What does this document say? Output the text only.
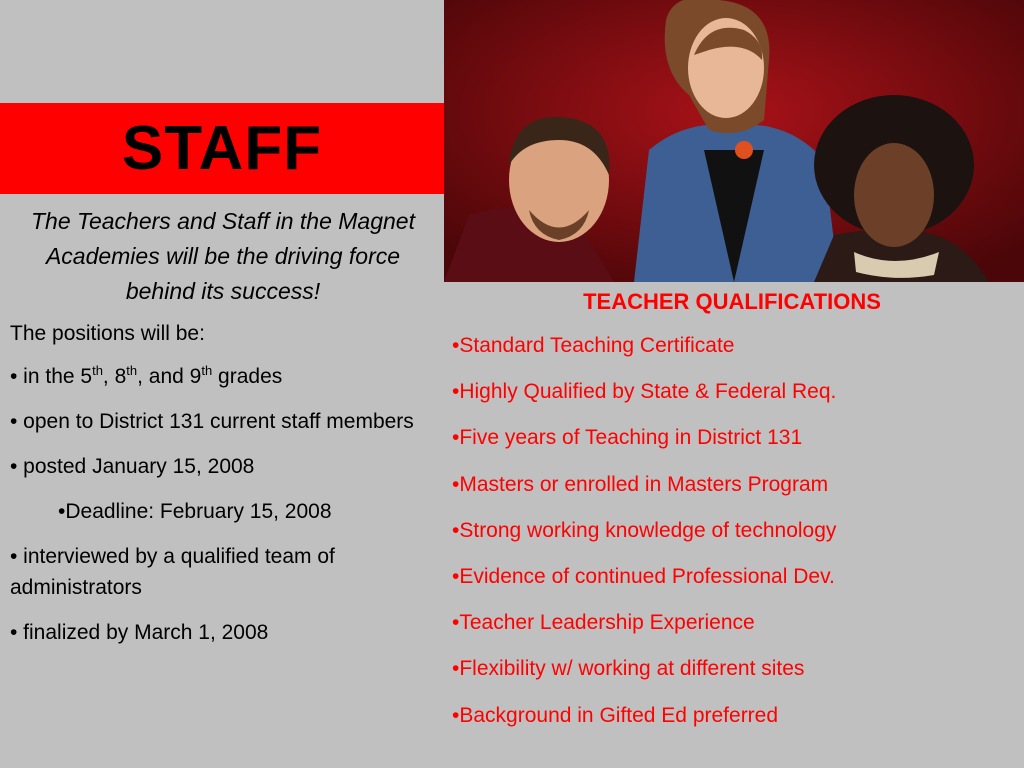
STAFF
The Teachers and Staff in the Magnet Academies will be the driving force behind its success!

The positions will be:

• in the 5th, 8th, and 9th grades

• open to District 131 current staff members

• posted January 15, 2008

•Deadline: February 15, 2008

• interviewed by a qualified team of administrators

• finalized by March 1, 2008

TEACHER QUALIFICATIONS
•Standard Teaching Certificate
•Highly Qualified by State & Federal Req.
•Five years of Teaching in District 131
•Masters or enrolled in Masters Program
•Strong working knowledge of technology
•Evidence of continued Professional Dev.
•Teacher Leadership Experience
•Flexibility w/ working at different sites
•Background in Gifted Ed preferred
